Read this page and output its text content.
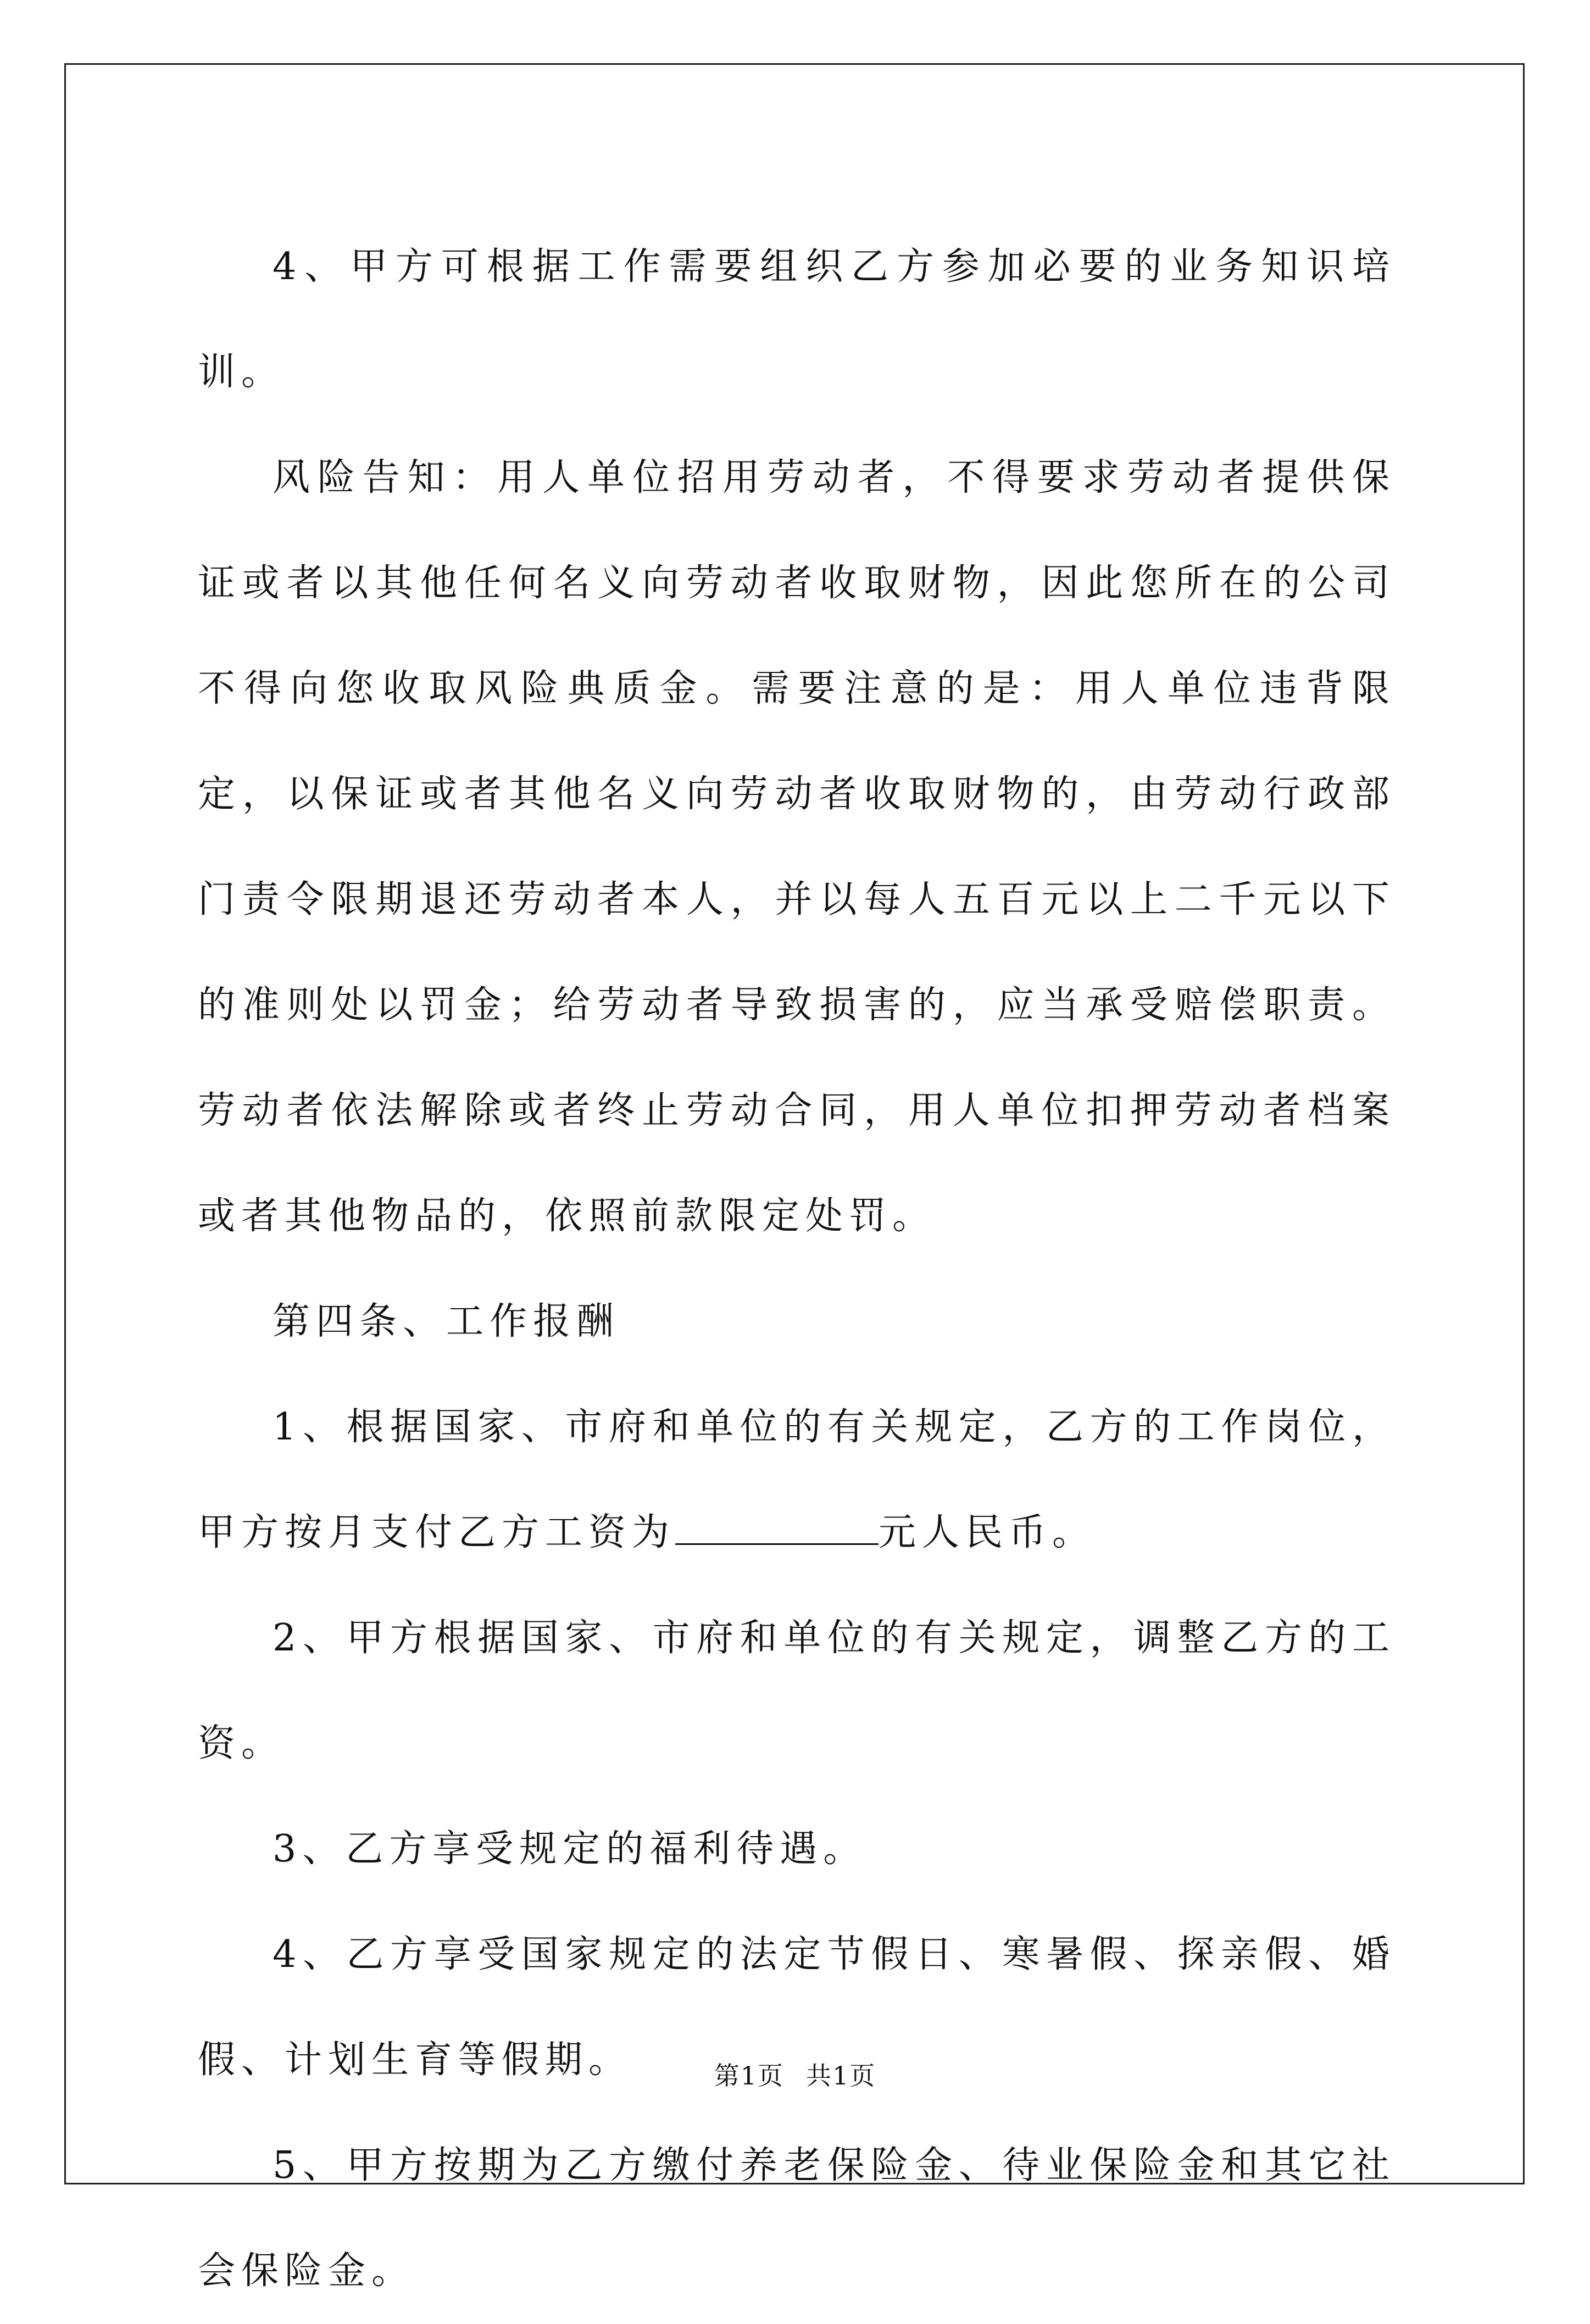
4、甲方可根据工作需要组织乙方参加必要的业务知识培训。

风险告知：用人单位招用劳动者，不得要求劳动者提供保证或者以其他任何名义向劳动者收取财物，因此您所在的公司不得向您收取风险典质金。需要注意的是：用人单位违背限定，以保证或者其他名义向劳动者收取财物的，由劳动行政部门责令限期退还劳动者本人，并以每人五百元以上二千元以下的准则处以罚金；给劳动者导致损害的，应当承受赔偿职责。劳动者依法解除或者终止劳动合同，用人单位扣押劳动者档案或者其他物品的，依照前款限定处罚。

第四条、工作报酬

1、根据国家、市府和单位的有关规定，乙方的工作岗位，甲方按月支付乙方工资为	元人民币。

2、甲方根据国家、市府和单位的有关规定，调整乙方的工资。

3、乙方享受规定的福利待遇。

4、乙方享受国家规定的法定节假日、寒暑假、探亲假、婚假、计划生育等假期。

5、甲方按期为乙方缴付养老保险金、待业保险金和其它社会保险金。

第1页 共1页
